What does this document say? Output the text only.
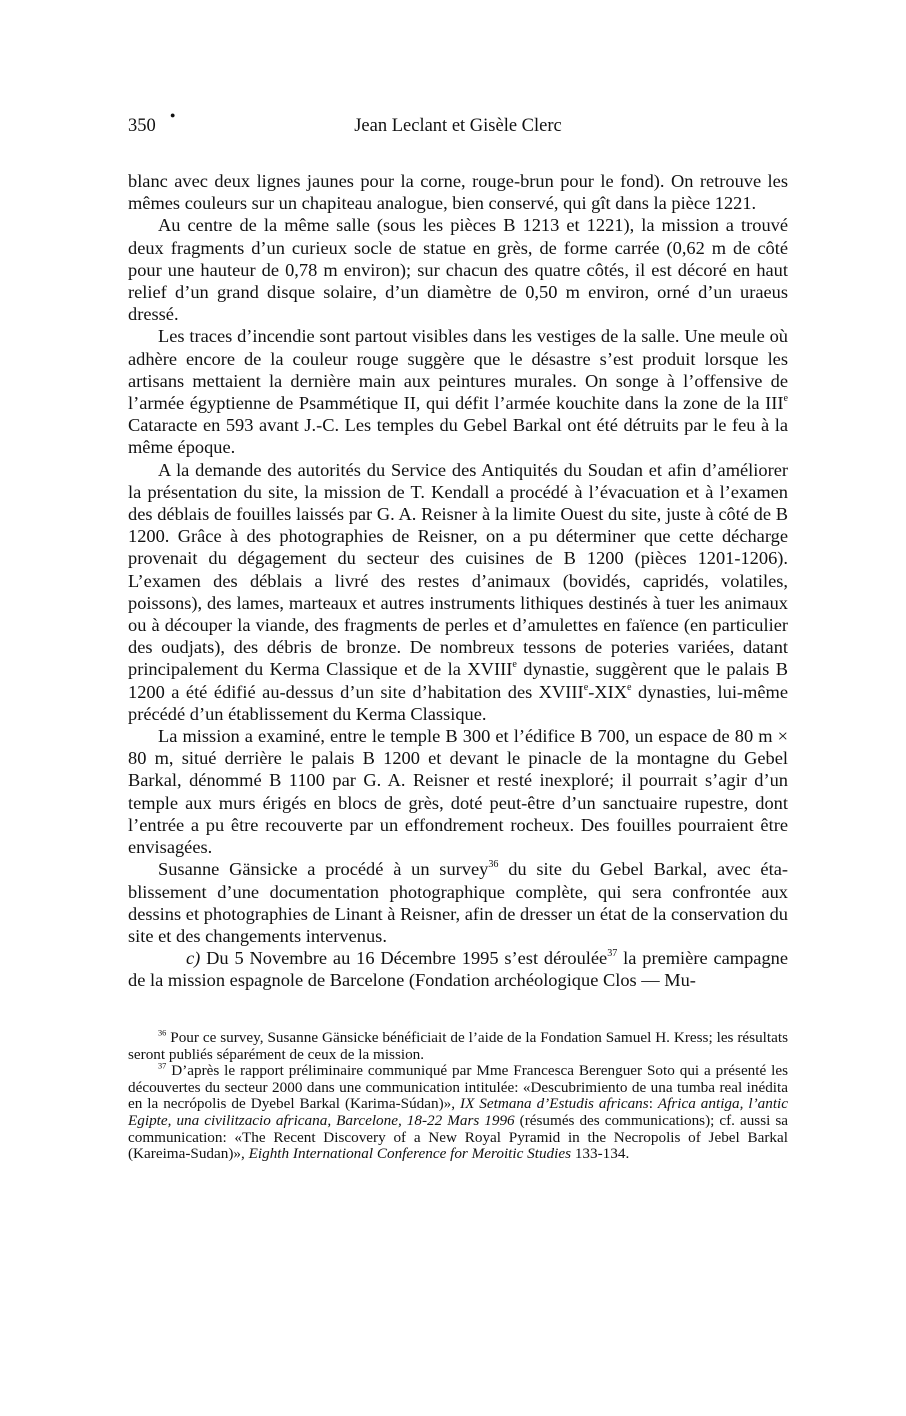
350
●
Jean Leclant et Gisèle Clerc

blanc avec deux lignes jaunes pour la corne, rouge-brun pour le fond). On retrouve les mêmes couleurs sur un chapiteau analogue, bien conservé, qui gît dans la pièce 1221.

Au centre de la même salle (sous les pièces B 1213 et 1221), la mission a trouvé deux fragments d’un curieux socle de statue en grès, de forme carrée (0,62 m de côté pour une hauteur de 0,78 m environ); sur chacun des quatre côtés, il est décoré en haut relief d’un grand disque solaire, d’un diamètre de 0,50 m environ, orné d’un uraeus dressé.

Les traces d’incendie sont partout visibles dans les vestiges de la salle. Une meule où adhère encore de la couleur rouge suggère que le désastre s’est produit lorsque les artisans mettaient la dernière main aux peintures murales. On songe à l’offensive de l’armée égyptienne de Psammétique II, qui défit l’armée kouchite dans la zone de la IIIe Cataracte en 593 avant J.-C. Les temples du Gebel Barkal ont été détruits par le feu à la même époque.

A la demande des autorités du Service des Antiquités du Soudan et afin d’améliorer la présentation du site, la mission de T. Kendall a procédé à l’évacuation et à l’examen des déblais de fouilles laissés par G. A. Reisner à la limite Ouest du site, juste à côté de B 1200. Grâce à des photographies de Reisner, on a pu déterminer que cette décharge provenait du dégagement du secteur des cuisines de B 1200 (pièces 1201-1206). L’examen des déblais a livré des restes d’animaux (bovidés, capridés, volatiles, poissons), des lames, marteaux et autres instruments lithiques destinés à tuer les animaux ou à découper la viande, des fragments de perles et d’amulettes en faïence (en particulier des oudjats), des débris de bronze. De nombreux tessons de poteries variées, datant principalement du Kerma Classique et de la XVIIIe dynastie, suggèrent que le palais B 1200 a été édifié au-dessus d’un site d’habitation des XVIIIe-XIXe dynasties, lui-même précédé d’un établissement du Kerma Classique.

La mission a examiné, entre le temple B 300 et l’édifice B 700, un espace de 80 m × 80 m, situé derrière le palais B 1200 et devant le pinacle de la montagne du Gebel Barkal, dénommé B 1100 par G. A. Reisner et resté inexploré; il pourrait s’agir d’un temple aux murs érigés en blocs de grès, doté peut-être d’un sanctuaire rupestre, dont l’entrée a pu être recouverte par un effondrement rocheux. Des fouilles pourraient être envisagées.

Susanne Gänsicke a procédé à un survey$^{36}$ du site du Gebel Barkal, avec établissement d’une documentation photographique complète, qui sera confrontée aux dessins et photographies de Linant à Reisner, afin de dresser un état de la conservation du site et des changements intervenus.

c) Du 5 Novembre au 16 Décembre 1995 s’est déroulée$^{37}$ la première campagne de la mission espagnole de Barcelone (Fondation archéologique Clos — Mu-

$^{36}$ Pour ce survey, Susanne Gänsicke bénéficiait de l’aide de la Fondation Samuel H. Kress; les résultats seront publiés séparément de ceux de la mission.

$^{37}$ D’après le rapport préliminaire communiqué par Mme Francesca Berenguer Soto qui a présenté les découvertes du secteur 2000 dans une communication intitulée: «Descubrimiento de una tumba real inédita en la necrópolis de Dyebel Barkal (Karima-Súdan)», IX Setmana d’Estudis africans: Africa antiga, l’antic Egipte, una civilitzacio africana, Barcelone, 18-22 Mars 1996 (résumés des communications); cf. aussi sa communication: «The Recent Discovery of a New Royal Pyramid in the Necropolis of Jebel Barkal (Kareima-Sudan)», Eighth International Conference for Meroitic Studies 133-134.
